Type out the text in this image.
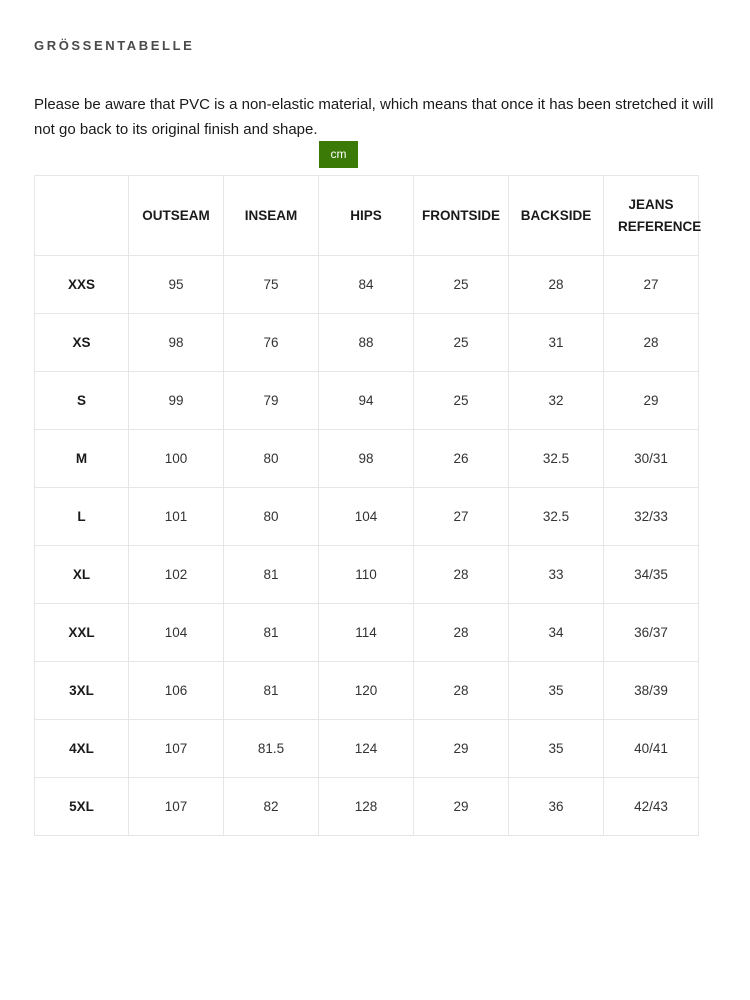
GRÖSSENTABELLE
Please be aware that PVC is a non-elastic material, which means that once it has been stretched it will not go back to its original finish and shape.
cm
	OUTSEAM	INSEAM	HIPS	FRONTSIDE	BACKSIDE	JEANS REFERENCE
XXS	95	75	84	25	28	27
XS	98	76	88	25	31	28
S	99	79	94	25	32	29
M	100	80	98	26	32.5	30/31
L	101	80	104	27	32.5	32/33
XL	102	81	110	28	33	34/35
XXL	104	81	114	28	34	36/37
3XL	106	81	120	28	35	38/39
4XL	107	81.5	124	29	35	40/41
5XL	107	82	128	29	36	42/43
